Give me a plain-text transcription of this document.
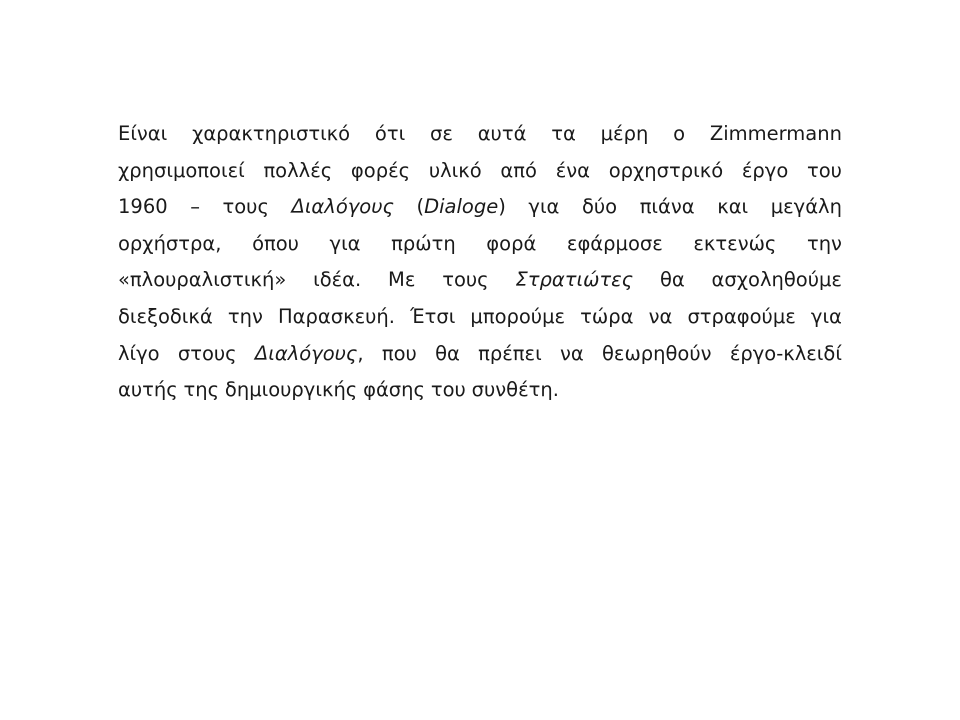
Είναι χαρακτηριστικό ότι σε αυτά τα μέρη ο Zimmermann
χρησιμοποιεί πολλές φορές υλικό από ένα ορχηστρικό έργο του
1960 – τους Διαλόγους (Dialoge) για δύο πιάνα και μεγάλη
ορχήστρα, όπου για πρώτη φορά εφάρμοσε εκτενώς την
«πλουραλιστική» ιδέα. Με τους Στρατιώτες θα ασχοληθούμε
διεξοδικά την Παρασκευή. Έτσι μπορούμε τώρα να στραφούμε για
λίγο στους Διαλόγους, που θα πρέπει να θεωρηθούν έργο-κλειδί
αυτής της δημιουργικής φάσης του συνθέτη.
